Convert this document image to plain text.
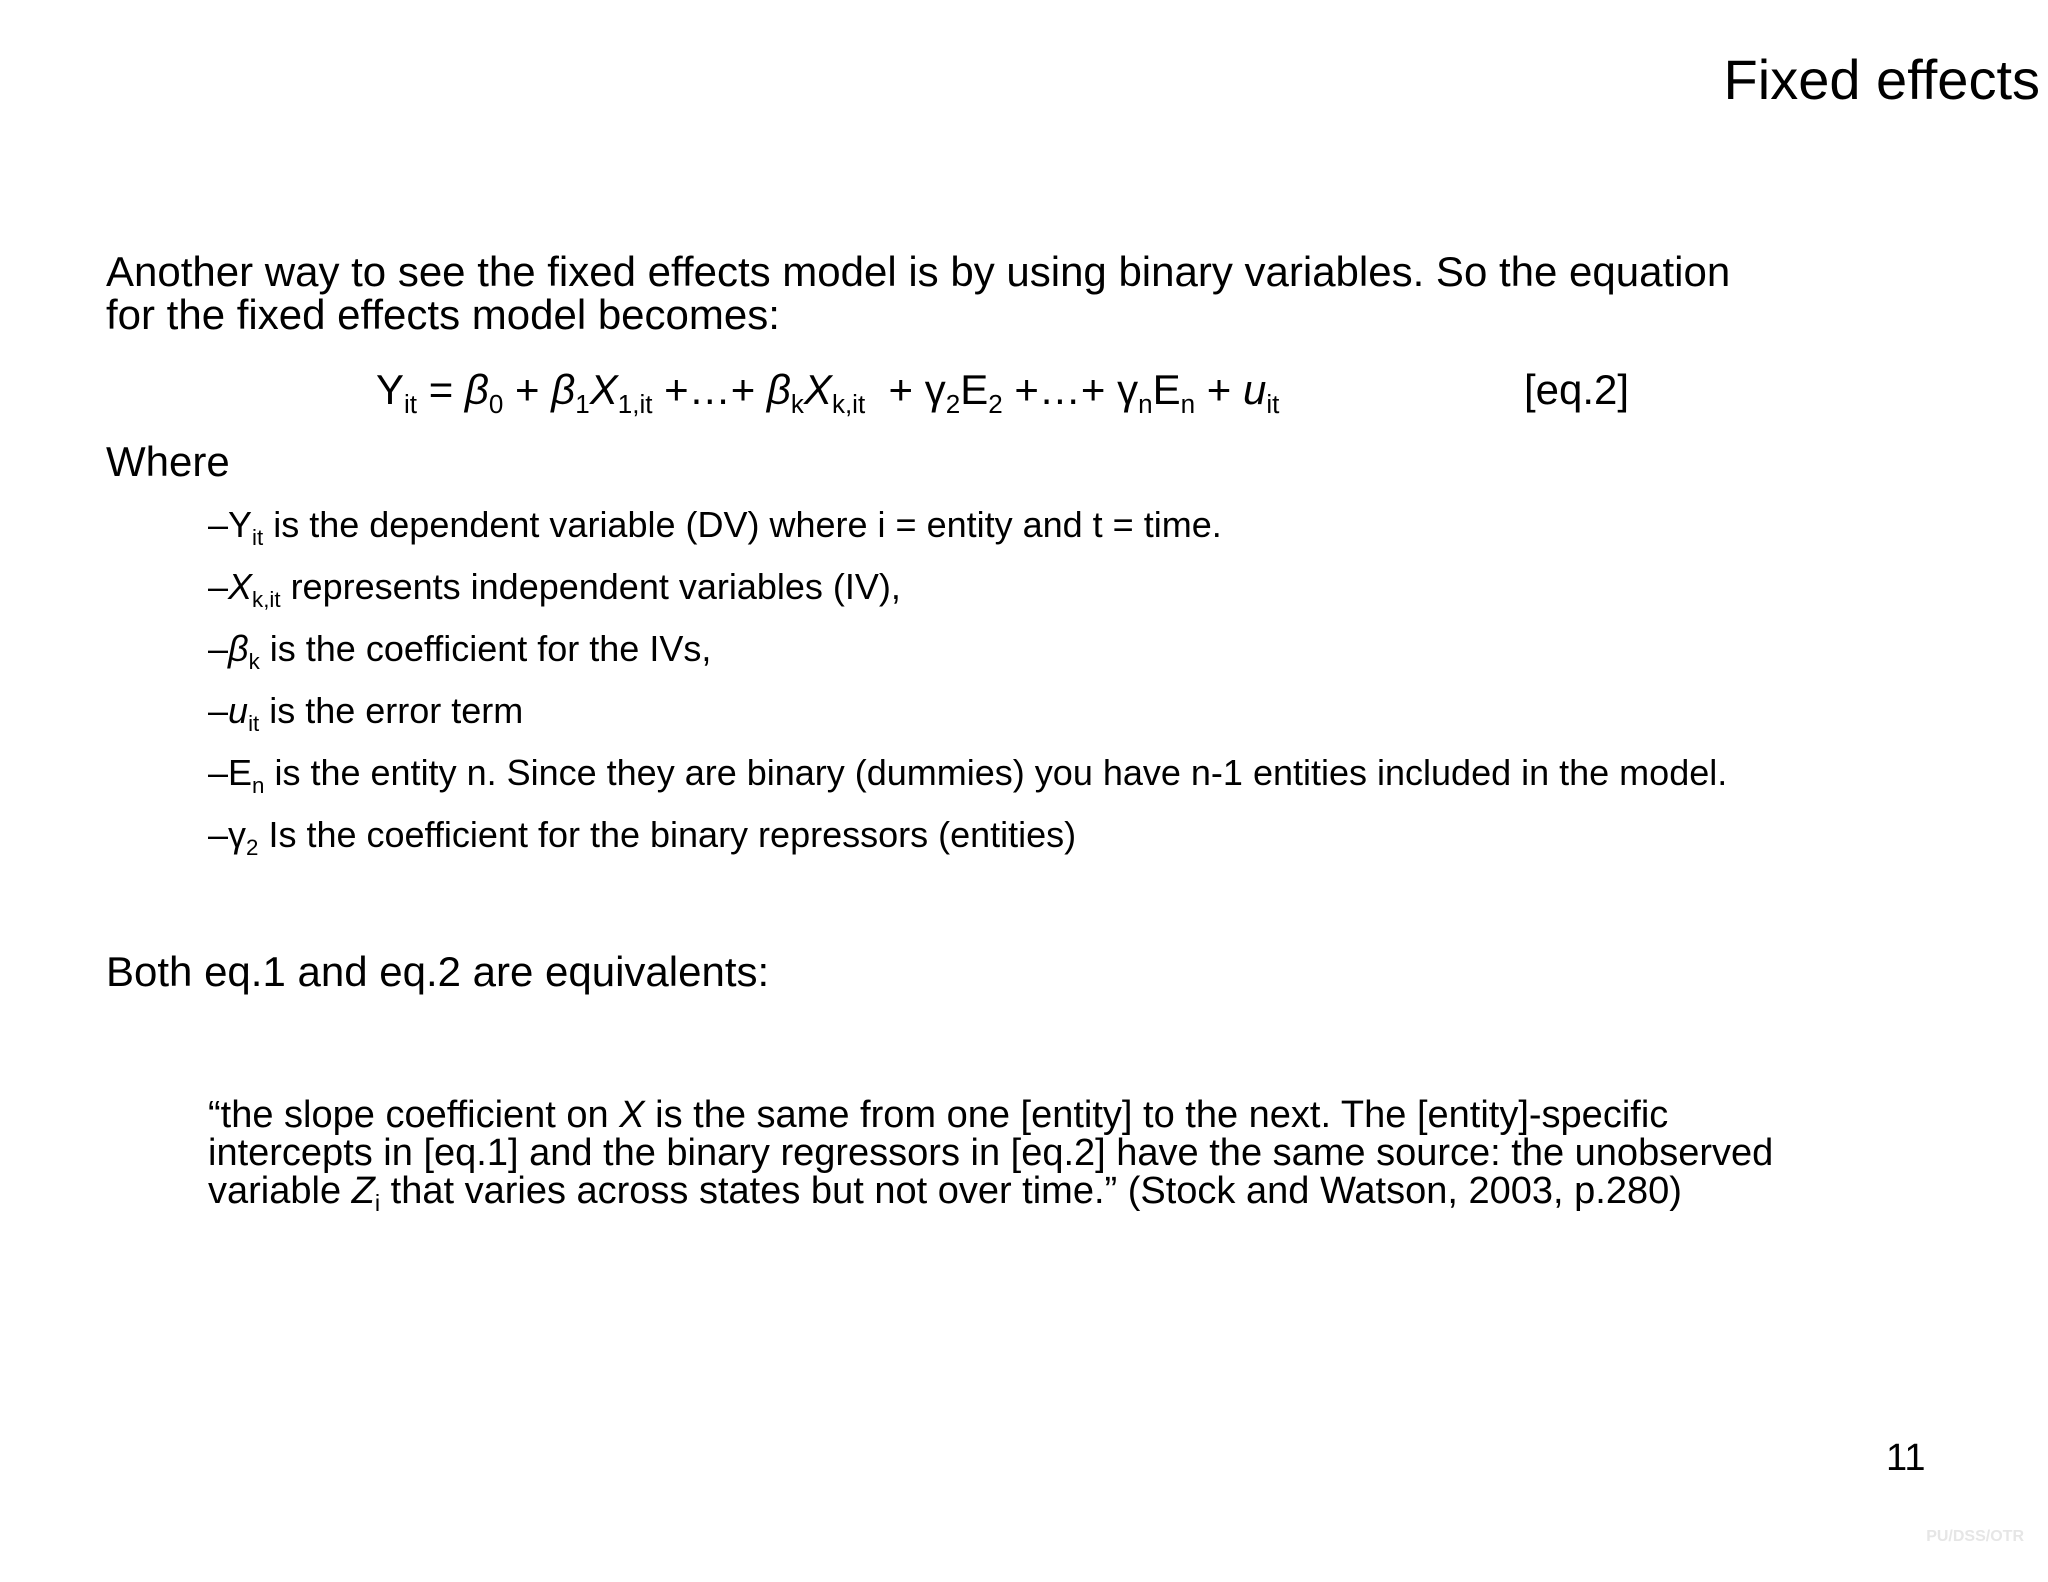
Fixed effects
Another way to see the fixed effects model is by using binary variables. So the equation
for the fixed effects model becomes:
$Y_{it} = \beta_0 + \beta_1X_{1,it}$ +…+ $\beta_kX_{k,it} + \gamma_2E_2$ +…+ $\gamma_nE_n + u_{it}$	[eq.2]
Where
$-Y_{it}$ is the dependent variable (DV) where i = entity and t = time.
$-X_{k,it}$ represents independent variables (IV),
$-\beta_k$ is the coefficient for the IVs,
$-u_{it}$ is the error term
$-E_n$ is the entity n. Since they are binary (dummies) you have n-1 entities included in the model.
$-\gamma_2$ Is the coefficient for the binary repressors (entities)
Both eq.1 and eq.2 are equivalents:
“the slope coefficient on X is the same from one [entity] to the next. The [entity]-specific
intercepts in [eq.1] and the binary regressors in [eq.2] have the same source: the unobserved
variable $Z_i$ that varies across states but not over time.” (Stock and Watson, 2003, p.280)
11
PU/DSS/OTR
